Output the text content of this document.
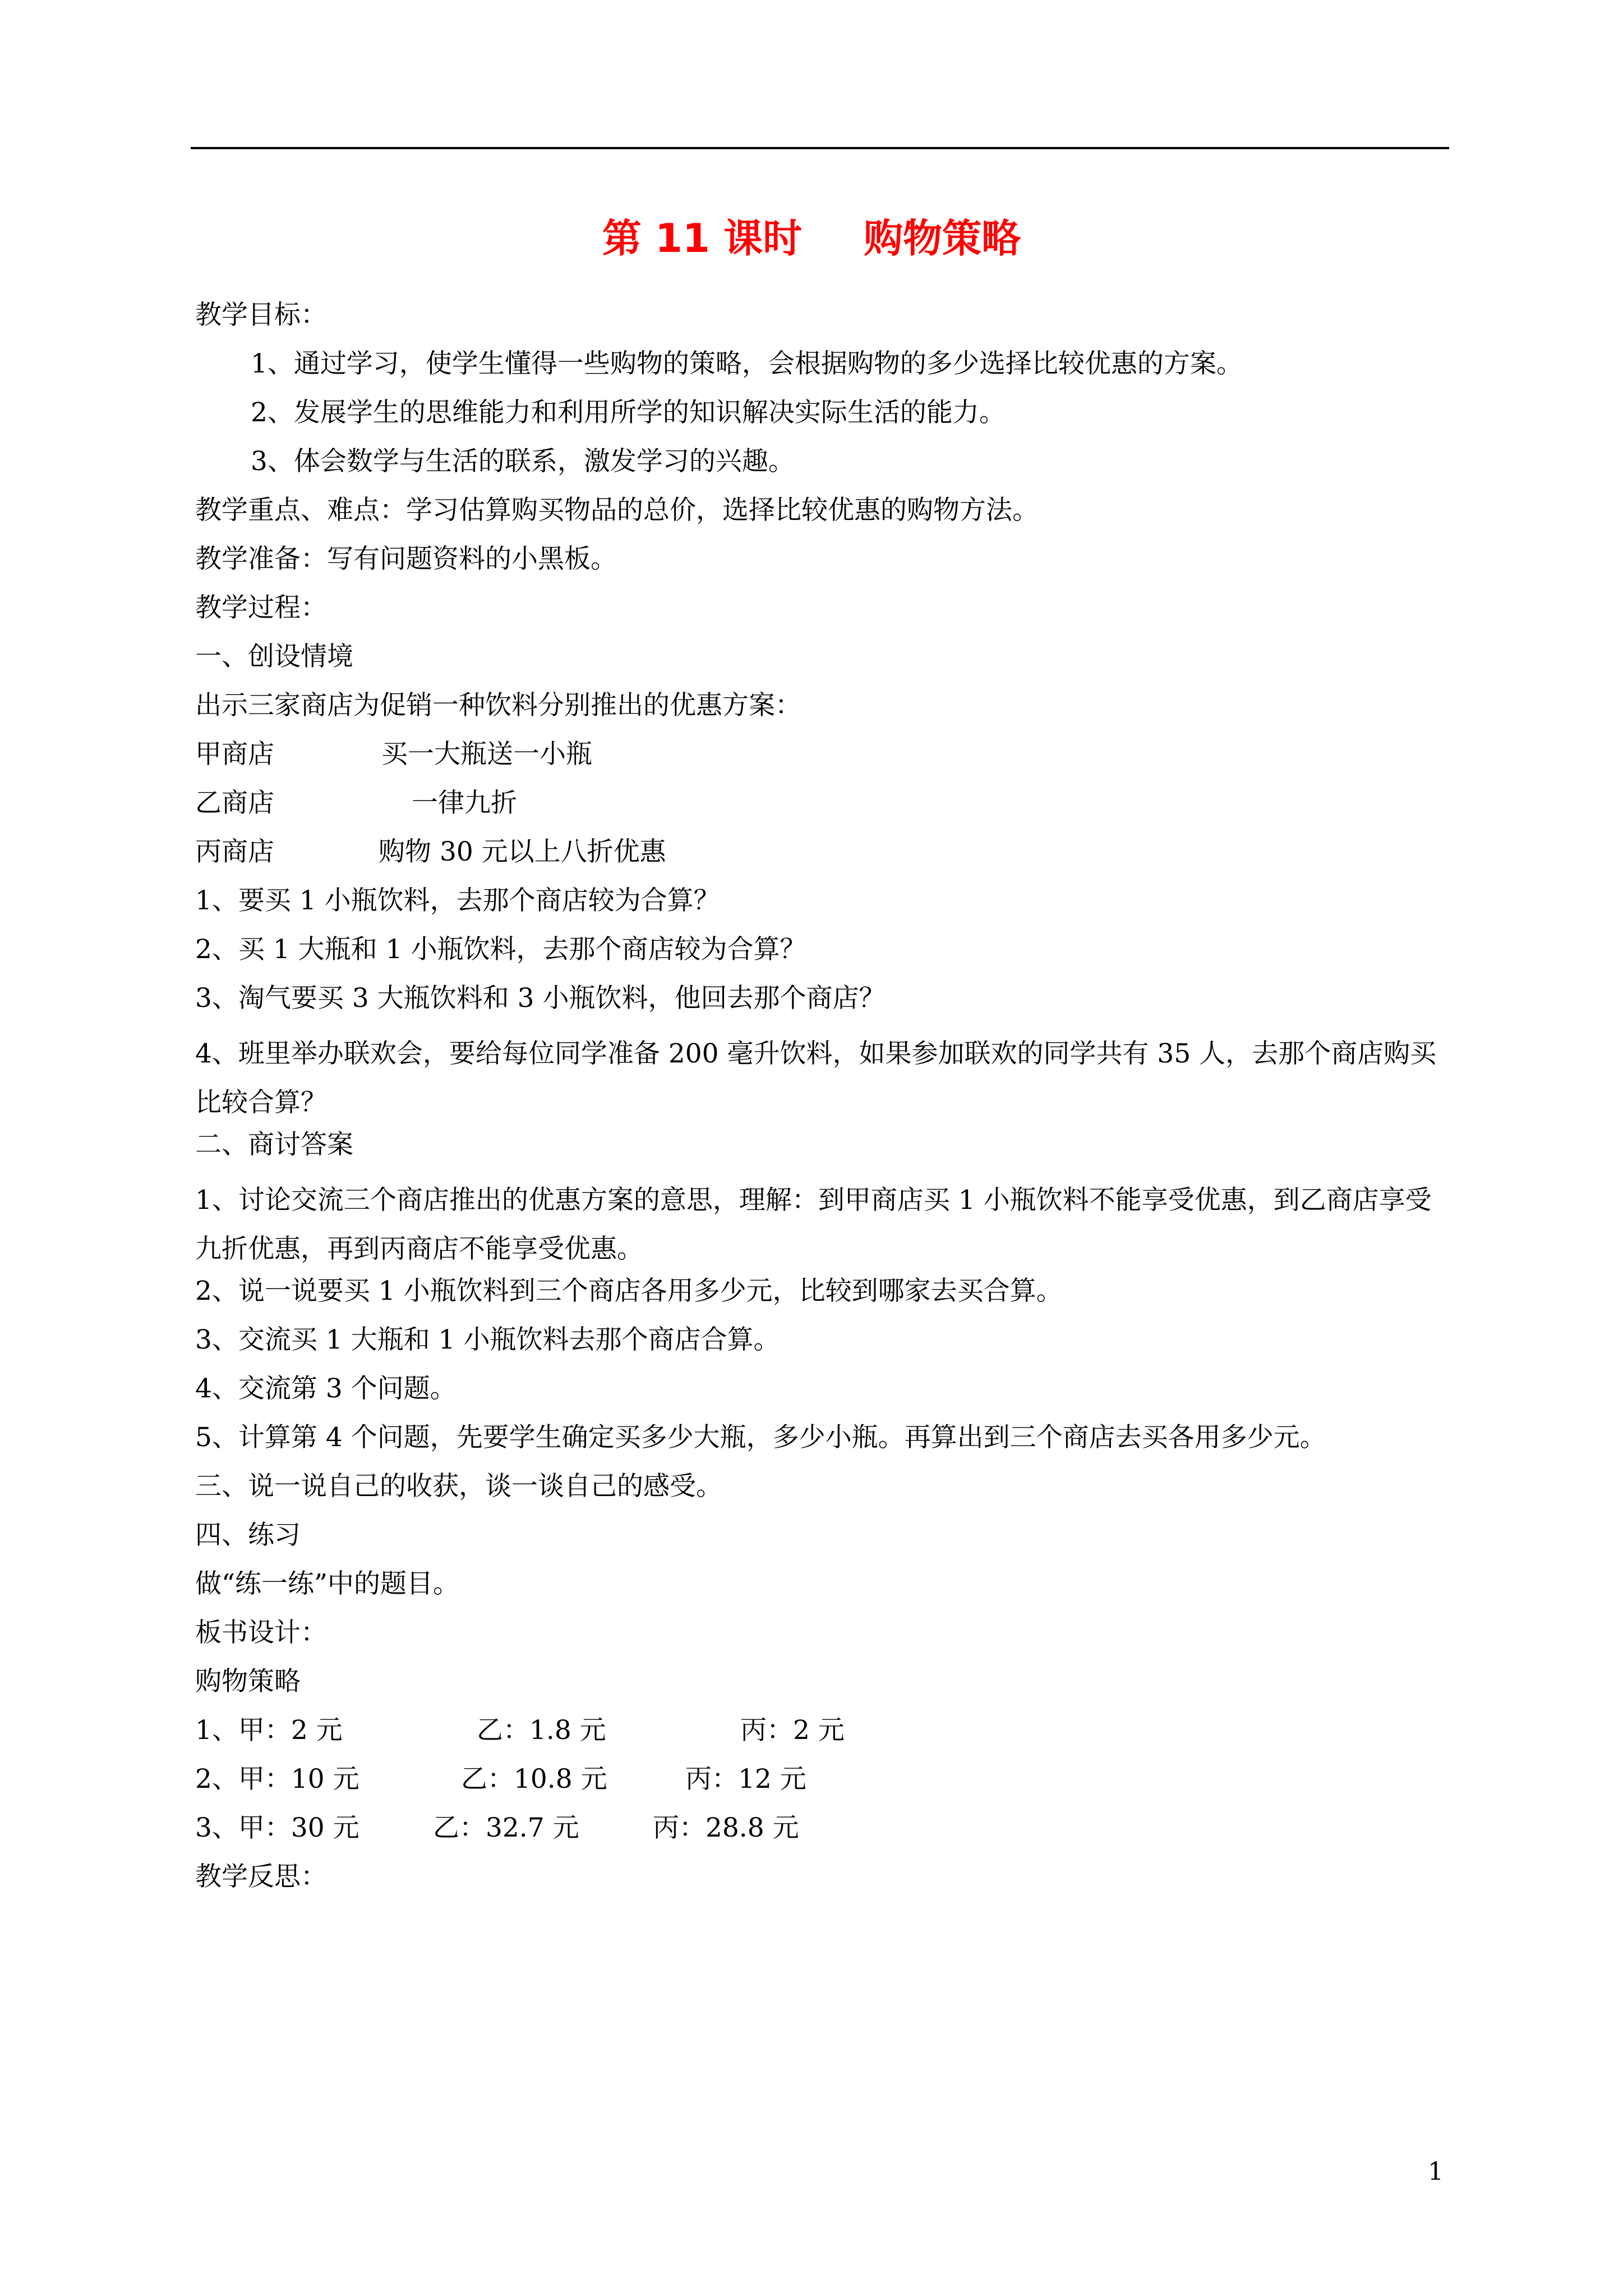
第 11 课时 购物策略
教学目标：
1、通过学习，使学生懂得一些购物的策略，会根据购物的多少选择比较优惠的方案。
2、发展学生的思维能力和利用所学的知识解决实际生活的能力。
3、体会数学与生活的联系，激发学习的兴趣。
教学重点、难点：学习估算购买物品的总价，选择比较优惠的购物方法。
教学准备：写有问题资料的小黑板。
教学过程：
一、创设情境
出示三家商店为促销一种饮料分别推出的优惠方案：
甲商店	买一大瓶送一小瓶
乙商店	一律九折
丙商店	购物 30 元以上八折优惠
1、要买 1 小瓶饮料，去那个商店较为合算？
2、买 1 大瓶和 1 小瓶饮料，去那个商店较为合算？
3、淘气要买 3 大瓶饮料和 3 小瓶饮料，他回去那个商店？
4、班里举办联欢会，要给每位同学准备 200 毫升饮料，如果参加联欢的同学共有 35 人，去那个商店购买比较合算？
二、商讨答案
1、讨论交流三个商店推出的优惠方案的意思，理解：到甲商店买 1 小瓶饮料不能享受优惠，到乙商店享受九折优惠，再到丙商店不能享受优惠。
2、说一说要买 1 小瓶饮料到三个商店各用多少元，比较到哪家去买合算。
3、交流买 1 大瓶和 1 小瓶饮料去那个商店合算。
4、交流第 3 个问题。
5、计算第 4 个问题，先要学生确定买多少大瓶，多少小瓶。再算出到三个商店去买各用多少元。
三、说一说自己的收获，谈一谈自己的感受。
四、练习
做“练一练”中的题目。
板书设计：
购物策略
1、甲：2 元	乙：1.8 元	丙：2 元
2、甲：10 元	乙：10.8 元	丙：12 元
3、甲：30 元	乙：32.7 元	丙：28.8 元
教学反思：
1
